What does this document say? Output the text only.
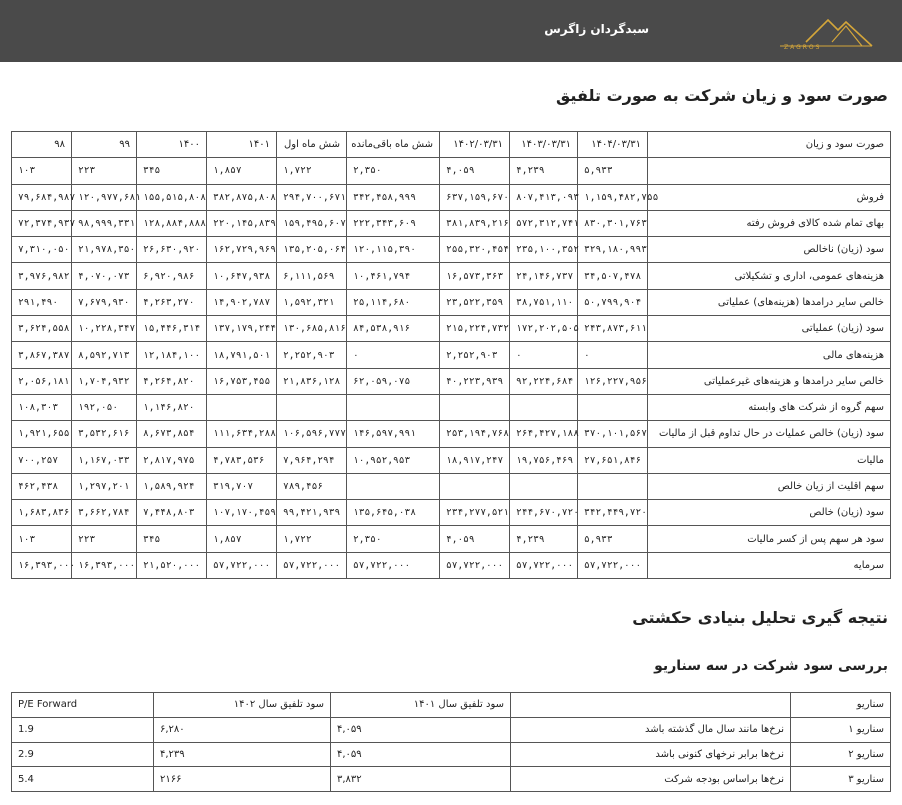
سبدگردان زاگرس
ZAGROS
صورت سود و زیان شرکت به صورت تلفیق
صورت سود و زیان	۱۴۰۴/۰۳/۳۱	۱۴۰۳/۰۳/۳۱	۱۴۰۲/۰۳/۳۱	شش ماه باقی‌مانده	شش ماه اول	۱۴۰۱	۱۴۰۰	۹۹	۹۸
	۵,۹۳۳	۴,۲۳۹	۴,۰۵۹	۲,۳۵۰	۱,۷۲۲	۱,۸۵۷	۳۴۵	۲۲۳	۱۰۳
فروش	۱,۱۵۹,۴۸۲,۷۵۵	۸۰۷,۴۱۳,۰۹۳	۶۳۷,۱۵۹,۶۷۰	۳۴۲,۴۵۸,۹۹۹	۲۹۴,۷۰۰,۶۷۱	۳۸۲,۸۷۵,۸۰۸	۱۵۵,۵۱۵,۸۰۸	۱۲۰,۹۷۷,۶۸۱	۷۹,۶۸۴,۹۸۷
بهای تمام شده کالای فروش رفته	۸۳۰,۳۰۱,۷۶۳	۵۷۲,۳۱۲,۷۴۱	۳۸۱,۸۳۹,۲۱۶	۲۲۲,۳۴۳,۶۰۹	۱۵۹,۴۹۵,۶۰۷	۲۲۰,۱۴۵,۸۳۹	۱۲۸,۸۸۴,۸۸۸	۹۸,۹۹۹,۳۳۱	۷۲,۳۷۴,۹۳۷
سود (زیان) ناخالص	۳۲۹,۱۸۰,۹۹۳	۲۳۵,۱۰۰,۳۵۲	۲۵۵,۳۲۰,۴۵۴	۱۲۰,۱۱۵,۳۹۰	۱۳۵,۲۰۵,۰۶۴	۱۶۲,۷۲۹,۹۶۹	۲۶,۶۳۰,۹۲۰	۲۱,۹۷۸,۳۵۰	۷,۳۱۰,۰۵۰
هزینه‌های عمومی، اداری و تشکیلاتی	۳۴,۵۰۷,۴۷۸	۲۴,۱۴۶,۷۳۷	۱۶,۵۷۳,۳۶۳	۱۰,۴۶۱,۷۹۴	۶,۱۱۱,۵۶۹	۱۰,۶۴۷,۹۳۸	۶,۹۲۰,۹۸۶	۴,۰۷۰,۰۷۳	۳,۹۷۶,۹۸۲
خالص سایر درامدها (هزینه‌های) عملیاتی	۵۰,۷۹۹,۹۰۴	۳۸,۷۵۱,۱۱۰	۲۳,۵۲۲,۳۵۹	۲۵,۱۱۴,۶۸۰	۱,۵۹۲,۳۲۱	۱۴,۹۰۲,۷۸۷	۴,۲۶۳,۲۷۰	۷,۶۷۹,۹۳۰	۲۹۱,۴۹۰
سود (زیان) عملیاتی	۲۴۳,۸۷۳,۶۱۱	۱۷۲,۲۰۲,۵۰۵	۲۱۵,۲۲۴,۷۳۲	۸۴,۵۳۸,۹۱۶	۱۳۰,۶۸۵,۸۱۶	۱۳۷,۱۷۹,۲۴۴	۱۵,۴۴۶,۳۱۴	۱۰,۲۲۸,۳۴۷	۳,۶۲۴,۵۵۸
هزینه‌های مالی	۰	۰	۲,۲۵۲,۹۰۳	۰	۲,۲۵۲,۹۰۳	۱۸,۷۹۱,۵۰۱	۱۲,۱۸۴,۱۰۰	۸,۵۹۲,۷۱۳	۳,۸۶۷,۳۸۷
خالص سایر درامدها و هزینه‌های غیرعملیاتی	۱۲۶,۲۲۷,۹۵۶	۹۲,۲۲۴,۶۸۴	۴۰,۲۲۳,۹۳۹	۶۲,۰۵۹,۰۷۵	۲۱,۸۳۶,۱۲۸	۱۶,۷۵۳,۴۵۵	۴,۲۶۴,۸۲۰	۱,۷۰۴,۹۳۲	۲,۰۵۶,۱۸۱
سهم گروه از شرکت های وابسته							۱,۱۴۶,۸۲۰	۱۹۲,۰۵۰	۱۰۸,۳۰۳
سود (زیان) خالص عملیات در حال تداوم قبل از مالیات	۳۷۰,۱۰۱,۵۶۷	۲۶۴,۴۲۷,۱۸۸	۲۵۳,۱۹۴,۷۶۸	۱۴۶,۵۹۷,۹۹۱	۱۰۶,۵۹۶,۷۷۷	۱۱۱,۶۳۴,۲۸۸	۸,۶۷۳,۸۵۴	۳,۵۳۲,۶۱۶	۱,۹۲۱,۶۵۵
مالیات	۲۷,۶۵۱,۸۴۶	۱۹,۷۵۶,۴۶۹	۱۸,۹۱۷,۲۴۷	۱۰,۹۵۲,۹۵۳	۷,۹۶۴,۲۹۴	۴,۷۸۳,۵۳۶	۲,۸۱۷,۹۷۵	۱,۱۶۷,۰۳۳	۷۰۰,۲۵۷
سهم اقلیت از زیان خالص					۷۸۹,۴۵۶	۳۱۹,۷۰۷	۱,۵۸۹,۹۲۴	۱,۲۹۷,۲۰۱	۴۶۲,۴۳۸
سود (زیان) خالص	۳۴۲,۴۴۹,۷۲۰	۲۴۴,۶۷۰,۷۲۰	۲۳۴,۲۷۷,۵۲۱	۱۳۵,۶۴۵,۰۳۸	۹۹,۴۲۱,۹۳۹	۱۰۷,۱۷۰,۴۵۹	۷,۴۴۸,۸۰۳	۳,۶۶۲,۷۸۴	۱,۶۸۳,۸۳۶
سود هر سهم پس از کسر مالیات	۵,۹۳۳	۴,۲۳۹	۴,۰۵۹	۲,۳۵۰	۱,۷۲۲	۱,۸۵۷	۳۴۵	۲۲۳	۱۰۳
سرمایه	۵۷,۷۲۲,۰۰۰	۵۷,۷۲۲,۰۰۰	۵۷,۷۲۲,۰۰۰	۵۷,۷۲۲,۰۰۰	۵۷,۷۲۲,۰۰۰	۵۷,۷۲۲,۰۰۰	۲۱,۵۲۰,۰۰۰	۱۶,۳۹۳,۰۰۰	۱۶,۳۹۳,۰۰۰
نتیجه گیری تحلیل بنیادی حکشتی
بررسی سود شرکت در سه سناریو
سناریو		سود تلفیق سال ۱۴۰۱	سود تلفیق سال ۱۴۰۲	P/E Forward
سناریو ۱	نرخ‌ها مانند سال مال گذشته باشد	۴,۰۵۹	۶,۲۸۰	1.9
سناریو ۲	نرخ‌ها برابر نرخهای کنونی باشد	۴,۰۵۹	۴,۲۳۹	2.9
سناریو ۳	نرخ‌ها براساس بودجه شرکت	۳,۸۳۲	۲۱۶۶	5.4
